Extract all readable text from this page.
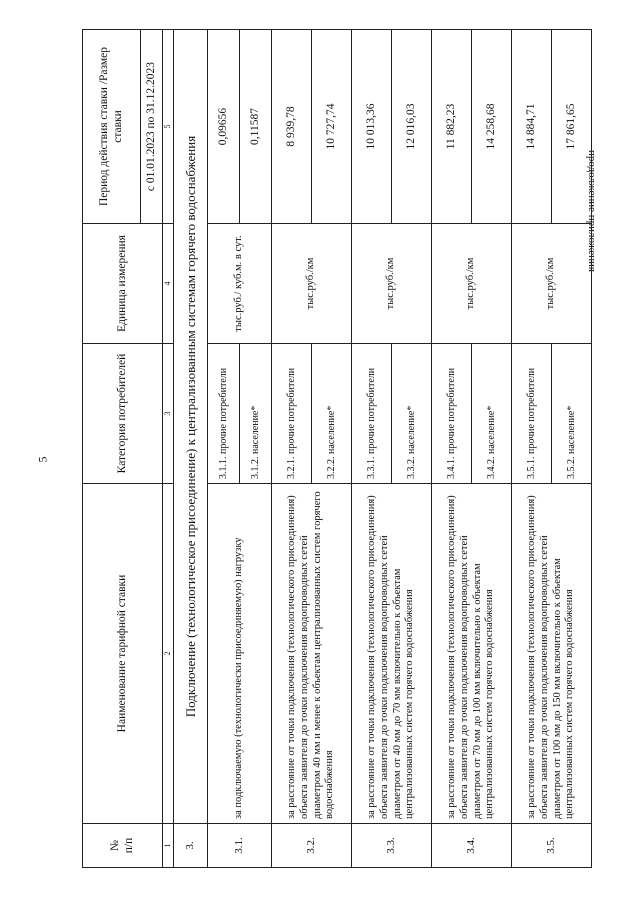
5
продолжение приложения
№
п/п	Наименование тарифной ставки	Категория потребителей	Единица измерения	Период действия ставки /Размер ставки
				с 01.01.2023 по 31.12.2023
1	2	3	4	5
3.	Подключение (технологическое присоединение) к централизованным системам горячего водоснабжения			
3.1.	за подключаемую (технологически присоединяемую) нагрузку	3.1.1. прочие потребители	тыс.руб./ куб.м. в сут.	0,09656
		3.1.2. население*		0,11587
3.2.	за расстояние от точки подключения (технологического присоединения) объекта заявителя до точки подключения водопроводных сетей диаметром 40 мм и менее к объектам централизованных систем горячего водоснабжения	3.2.1. прочие потребители	тыс.руб./км	8 939,78
		3.2.2. население*		10 727,74
3.3.	за расстояние от точки подключения (технологического присоединения) объекта заявителя до точки подключения водопроводных сетей диаметром от 40 мм до 70 мм включительно к объектам централизованных систем горячего водоснабжения	3.3.1. прочие потребители	тыс.руб./км	10 013,36
		3.3.2. население*		12 016,03
3.4.	за расстояние от точки подключения (технологического присоединения) объекта заявителя до точки подключения водопроводных сетей диаметром от 70 мм до 100 мм включительно к объектам централизованных систем горячего водоснабжения	3.4.1. прочие потребители	тыс.руб./км	11 882,23
		3.4.2. население*		14 258,68
3.5.	за расстояние от точки подключения (технологического присоединения) объекта заявителя до точки подключения водопроводных сетей диаметром от 100 мм до 150 мм включительно к объектам централизованных систем горячего водоснабжения	3.5.1. прочие потребители	тыс.руб./км	14 884,71
		3.5.2. население*		17 861,65
